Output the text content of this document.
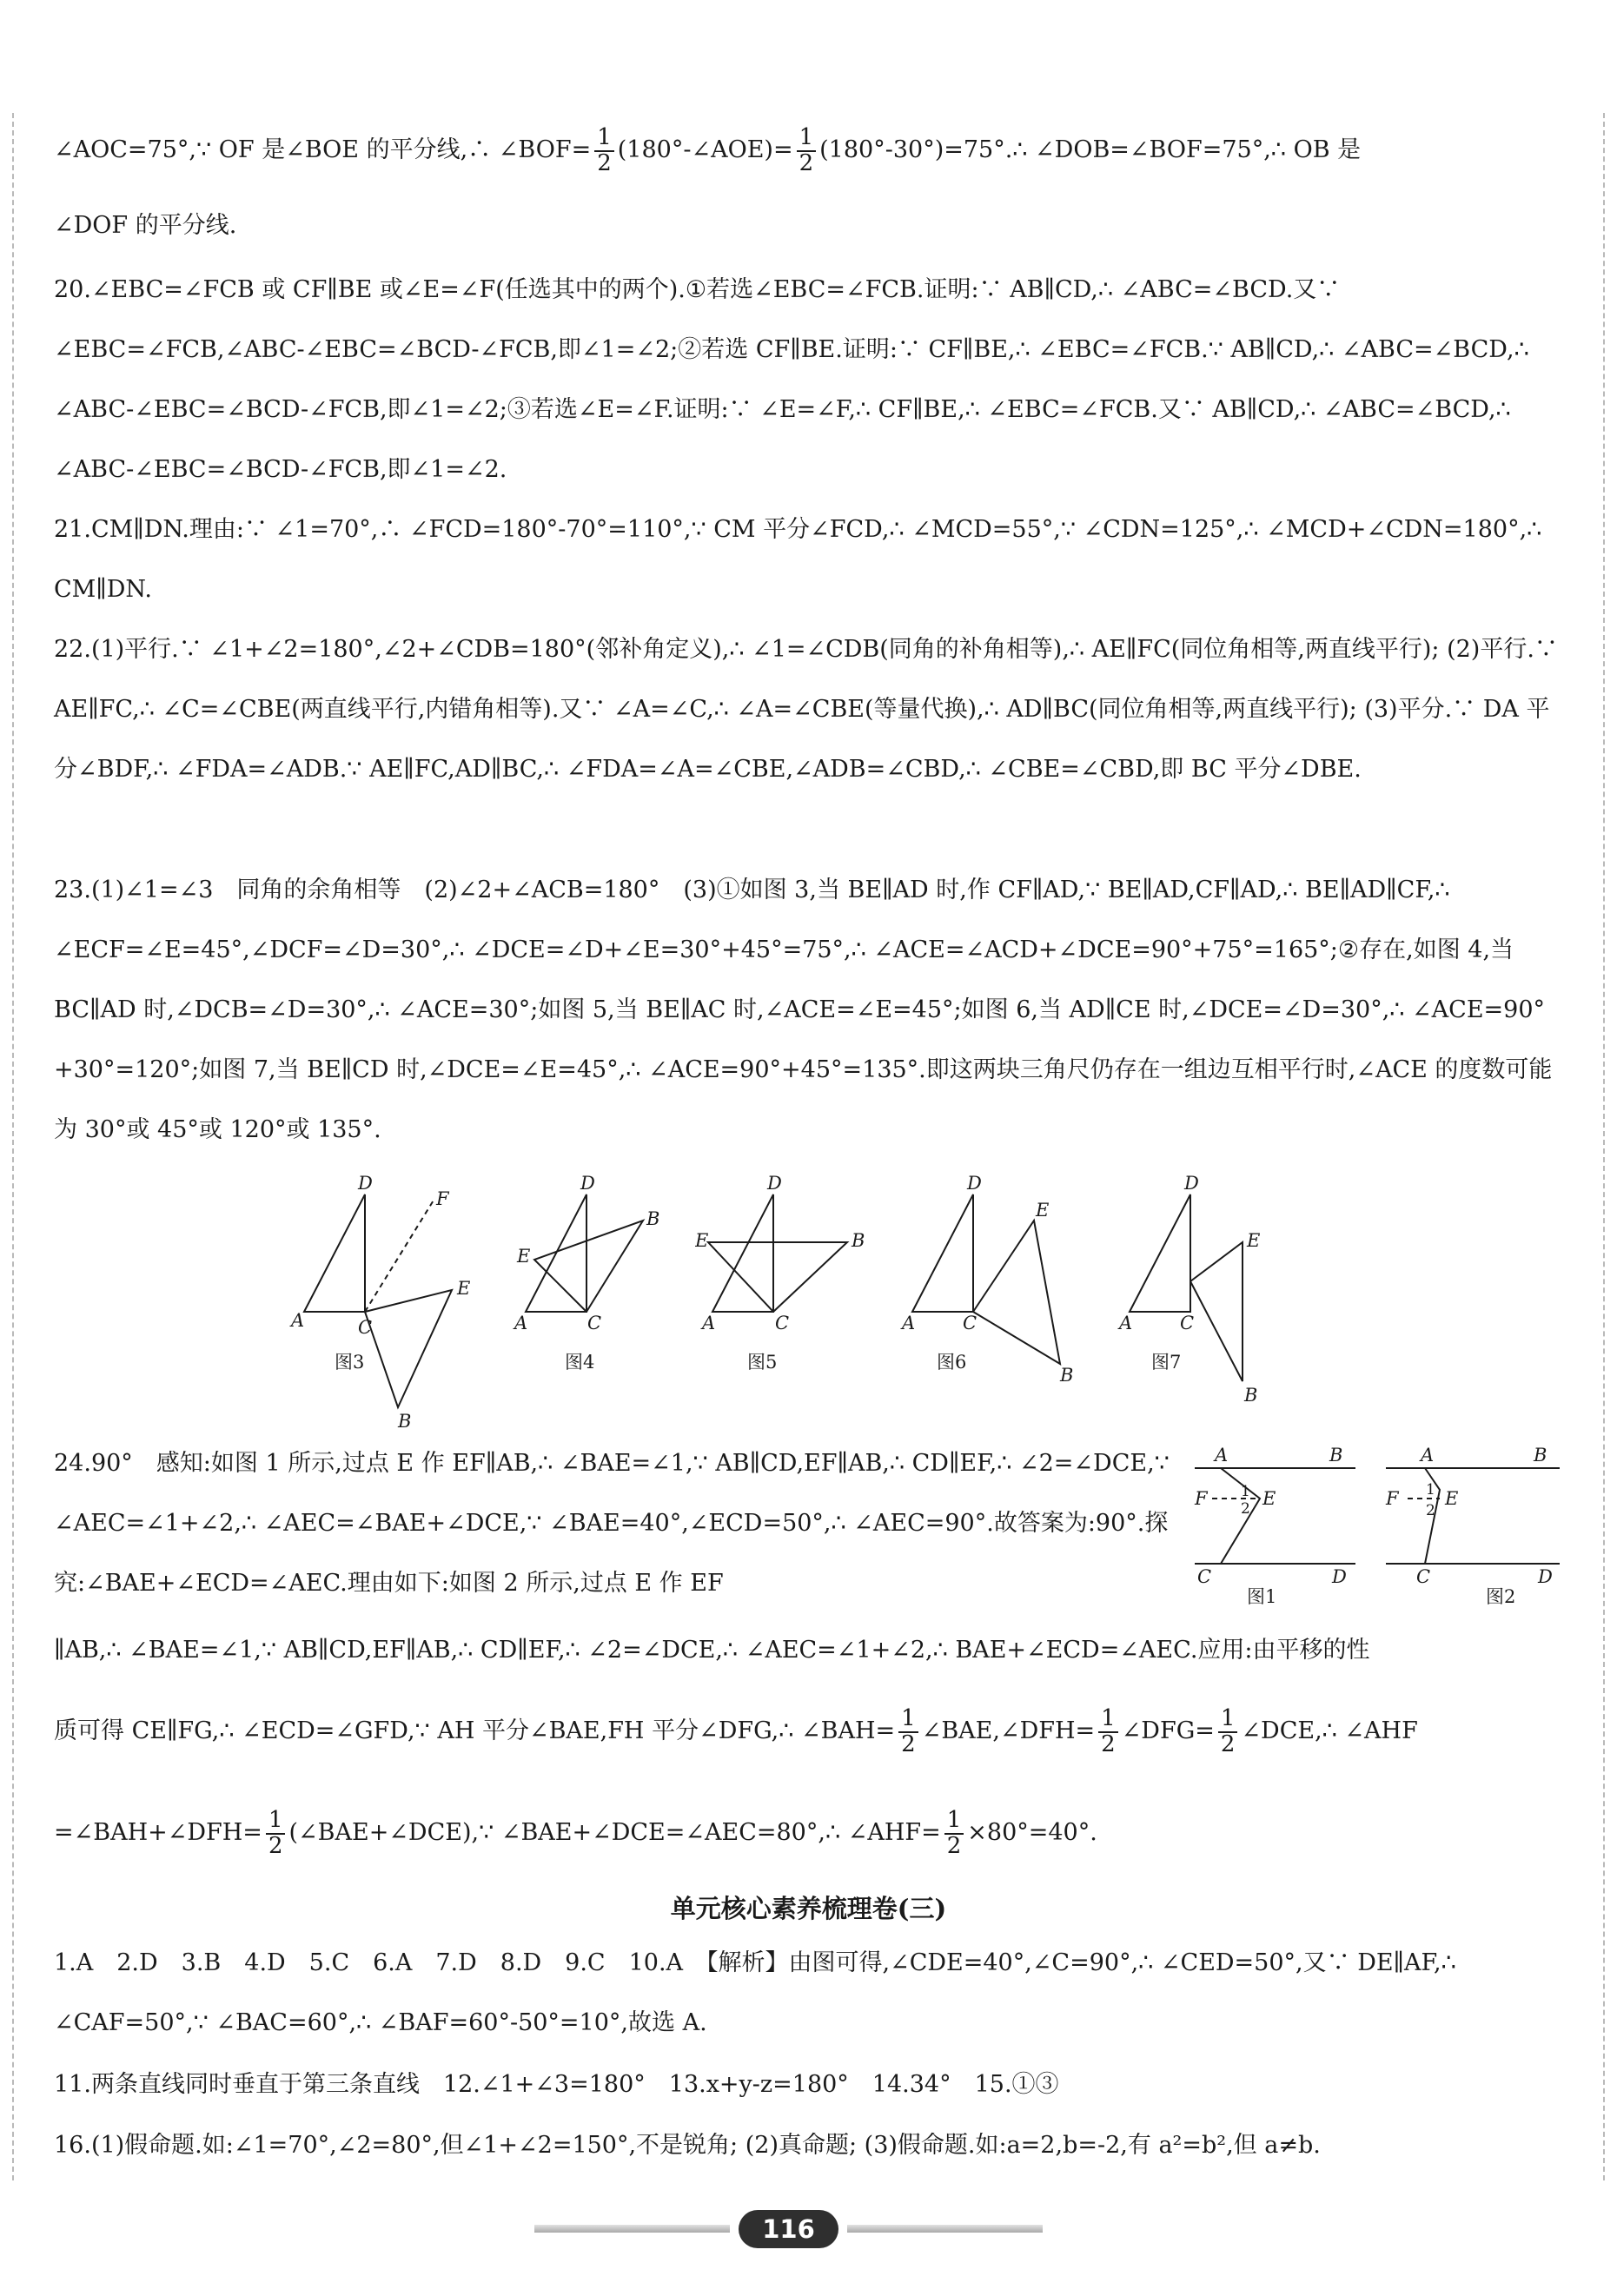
∠AOC=75°,∵ OF 是∠BOE 的平分线,∴ ∠BOF= $\frac{1}{2}$ (180°-∠AOE)= $\frac{1}{2}$ (180°-30°)=75°.∴ ∠DOB=∠BOF=75°,∴ OB 是

∠DOF 的平分线.

20.∠EBC=∠FCB 或 CF∥BE 或∠E=∠F(任选其中的两个).①若选∠EBC=∠FCB.证明:∵ AB∥CD,∴ ∠ABC=∠BCD.又∵ ∠EBC=∠FCB,∠ABC-∠EBC=∠BCD-∠FCB,即∠1=∠2;②若选 CF∥BE.证明:∵ CF∥BE,∴ ∠EBC=∠FCB.∵ AB∥CD,∴ ∠ABC=∠BCD,∴ ∠ABC-∠EBC=∠BCD-∠FCB,即∠1=∠2;③若选∠E=∠F.证明:∵ ∠E=∠F,∴ CF∥BE,∴ ∠EBC=∠FCB.又∵ AB∥CD,∴ ∠ABC=∠BCD,∴ ∠ABC-∠EBC=∠BCD-∠FCB,即∠1=∠2.

21.CM∥DN.理由:∵ ∠1=70°,∴ ∠FCD=180°-70°=110°,∵ CM 平分∠FCD,∴ ∠MCD=55°,∵ ∠CDN=125°,∴ ∠MCD+∠CDN=180°,∴ CM∥DN.

22.(1)平行.∵ ∠1+∠2=180°,∠2+∠CDB=180°(邻补角定义),∴ ∠1=∠CDB(同角的补角相等),∴ AE∥FC(同位角相等,两直线平行); (2)平行.∵ AE∥FC,∴ ∠C=∠CBE(两直线平行,内错角相等).又∵ ∠A=∠C,∴ ∠A=∠CBE(等量代换),∴ AD∥BC(同位角相等,两直线平行); (3)平分.∵ DA 平分∠BDF,∴ ∠FDA=∠ADB.∵ AE∥FC,AD∥BC,∴ ∠FDA=∠A=∠CBE,∠ADB=∠CBD,∴ ∠CBE=∠CBD,即 BC 平分∠DBE.

23.(1)∠1=∠3　同角的余角相等　(2)∠2+∠ACB=180°　(3)①如图 3,当 BE∥AD 时,作 CF∥AD,∵ BE∥AD,CF∥AD,∴ BE∥AD∥CF,∴ ∠ECF=∠E=45°,∠DCF=∠D=30°,∴ ∠DCE=∠D+∠E=30°+45°=75°,∴ ∠ACE=∠ACD+∠DCE=90°+75°=165°;②存在,如图 4,当 BC∥AD 时,∠DCB=∠D=30°,∴ ∠ACE=30°;如图 5,当 BE∥AC 时,∠ACE=∠E=45°;如图 6,当 AD∥CE 时,∠DCE=∠D=30°,∴ ∠ACE=90°+30°=120°;如图 7,当 BE∥CD 时,∠DCE=∠E=45°,∴ ∠ACE=90°+45°=135°.即这两块三角尺仍存在一组边互相平行时,∠ACE 的度数可能为 30°或 45°或 120°或 135°.

D
F
E
A	C
B
图3
D
B
E
A	C
图4
D
E	B
A	C
图5
D
E
A	C
B
图6
D
E
A	C
B
图7

24.90°　感知:如图 1 所示,过点 E 作 EF∥AB,∴ ∠BAE=∠1,∵ AB∥CD,EF∥AB,∴ CD∥EF,∴ ∠2=∠DCE,∵ ∠AEC=∠1+∠2,∴ ∠AEC=∠BAE+∠DCE,∵ ∠BAE=40°,∠ECD=50°,∴ ∠AEC=90°.故答案为:90°.探究:∠BAE+∠ECD=∠AEC.理由如下:如图 2 所示,过点 E 作 EF

A	B
F	E
C	D
1
2
图1
A	B
F	E
C	D
1
2
图2

∥AB,∴ ∠BAE=∠1,∵ AB∥CD,EF∥AB,∴ CD∥EF,∴ ∠2=∠DCE,∴ ∠AEC=∠1+∠2,∴ BAE+∠ECD=∠AEC.应用:由平移的性

质可得 CE∥FG,∴ ∠ECD=∠GFD,∵ AH 平分∠BAE,FH 平分∠DFG,∴ ∠BAH= $\frac{1}{2}$ ∠BAE,∠DFH= $\frac{1}{2}$ ∠DFG= $\frac{1}{2}$ ∠DCE,∴ ∠AHF

=∠BAH+∠DFH= $\frac{1}{2}$ (∠BAE+∠DCE),∵ ∠BAE+∠DCE=∠AEC=80°,∴ ∠AHF= $\frac{1}{2} \times 80^\circ=40^\circ$.

单元核心素养梳理卷(三)

1.A　2.D　3.B　4.D　5.C　6.A　7.D　8.D　9.C　10.A　【解析】由图可得,∠CDE=40°,∠C=90°,∴ ∠CED=50°,又∵ DE∥AF,∴ ∠CAF=50°,∵ ∠BAC=60°,∴ ∠BAF=60°-50°=10°,故选 A.

11.两条直线同时垂直于第三条直线　12.∠1+∠3=180°　13.x+y-z=180°　14.34°　15.①③

16.(1)假命题.如:∠1=70°,∠2=80°,但∠1+∠2=150°,不是锐角; (2)真命题; (3)假命题.如:a=2,b=-2,有 a²=b²,但 a≠b.

116
